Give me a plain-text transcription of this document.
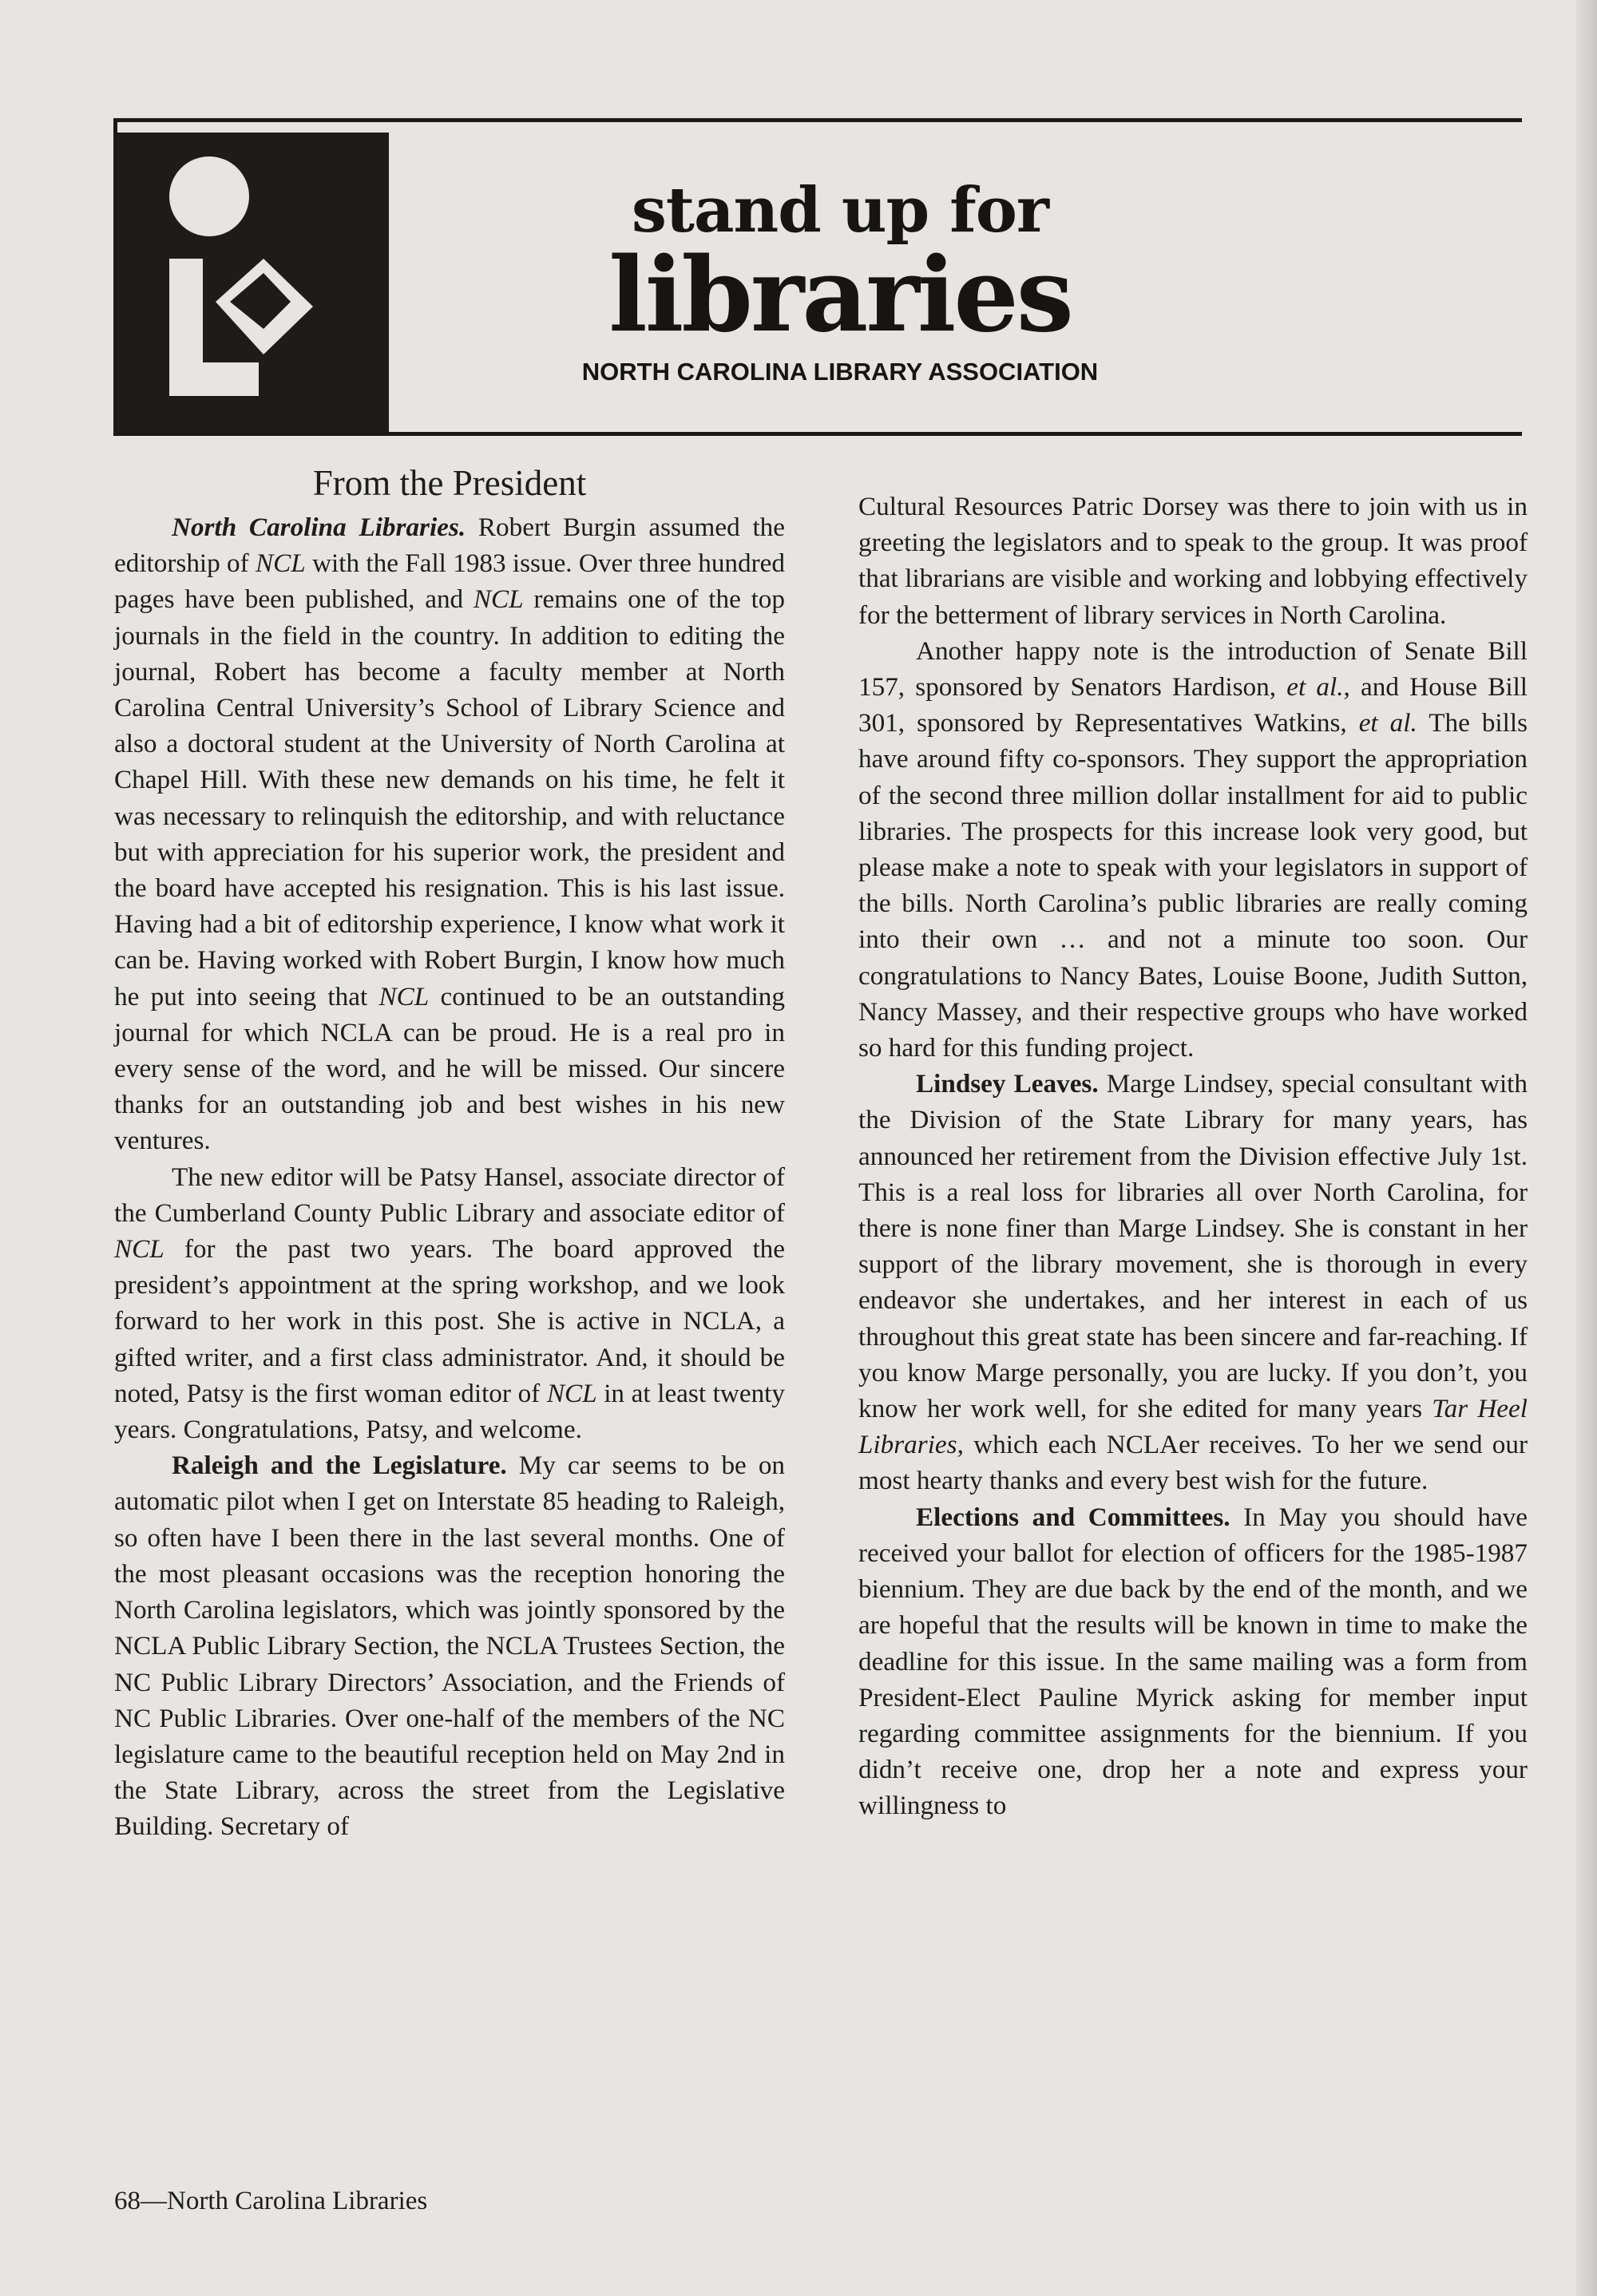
stand up for
libraries
NORTH CAROLINA LIBRARY ASSOCIATION
From the President

North Carolina Libraries. Robert Burgin assumed the editorship of NCL with the Fall 1983 issue. Over three hundred pages have been published, and NCL remains one of the top journals in the field in the country. In addition to editing the journal, Robert has become a faculty member at North Carolina Central University’s School of Library Science and also a doctoral student at the University of North Carolina at Chapel Hill. With these new demands on his time, he felt it was necessary to relinquish the editorship, and with reluctance but with appreciation for his superior work, the president and the board have accepted his resignation. This is his last issue. Having had a bit of editorship experience, I know what work it can be. Having worked with Robert Burgin, I know how much he put into seeing that NCL continued to be an outstanding journal for which NCLA can be proud. He is a real pro in every sense of the word, and he will be missed. Our sincere thanks for an outstanding job and best wishes in his new ventures.

The new editor will be Patsy Hansel, associate director of the Cumberland County Public Library and associate editor of NCL for the past two years. The board approved the president’s appointment at the spring workshop, and we look forward to her work in this post. She is active in NCLA, a gifted writer, and a first class administrator. And, it should be noted, Patsy is the first woman editor of NCL in at least twenty years. Congratulations, Patsy, and welcome.

Raleigh and the Legislature. My car seems to be on automatic pilot when I get on Interstate 85 heading to Raleigh, so often have I been there in the last several months. One of the most pleasant occasions was the reception honoring the North Carolina legislators, which was jointly sponsored by the NCLA Public Library Section, the NCLA Trustees Section, the NC Public Library Directors’ Association, and the Friends of NC Public Libraries. Over one-half of the members of the NC legislature came to the beautiful reception held on May 2nd in the State Library, across the street from the Legislative Building. Secretary of

Cultural Resources Patric Dorsey was there to join with us in greeting the legislators and to speak to the group. It was proof that librarians are visible and working and lobbying effectively for the betterment of library services in North Carolina.

Another happy note is the introduction of Senate Bill 157, sponsored by Senators Hardison, et al., and House Bill 301, sponsored by Representatives Watkins, et al. The bills have around fifty co-sponsors. They support the appropriation of the second three million dollar installment for aid to public libraries. The prospects for this increase look very good, but please make a note to speak with your legislators in support of the bills. North Carolina’s public libraries are really coming into their own … and not a minute too soon. Our congratulations to Nancy Bates, Louise Boone, Judith Sutton, Nancy Massey, and their respective groups who have worked so hard for this funding project.

Lindsey Leaves. Marge Lindsey, special consultant with the Division of the State Library for many years, has announced her retirement from the Division effective July 1st. This is a real loss for libraries all over North Carolina, for there is none finer than Marge Lindsey. She is constant in her support of the library movement, she is thorough in every endeavor she undertakes, and her interest in each of us throughout this great state has been sincere and far-reaching. If you know Marge personally, you are lucky. If you don’t, you know her work well, for she edited for many years Tar Heel Libraries, which each NCLAer receives. To her we send our most hearty thanks and every best wish for the future.

Elections and Committees. In May you should have received your ballot for election of officers for the 1985-1987 biennium. They are due back by the end of the month, and we are hopeful that the results will be known in time to make the deadline for this issue. In the same mailing was a form from President-Elect Pauline Myrick asking for member input regarding committee assignments for the biennium. If you didn’t receive one, drop her a note and express your willingness to

68—North Carolina Libraries
